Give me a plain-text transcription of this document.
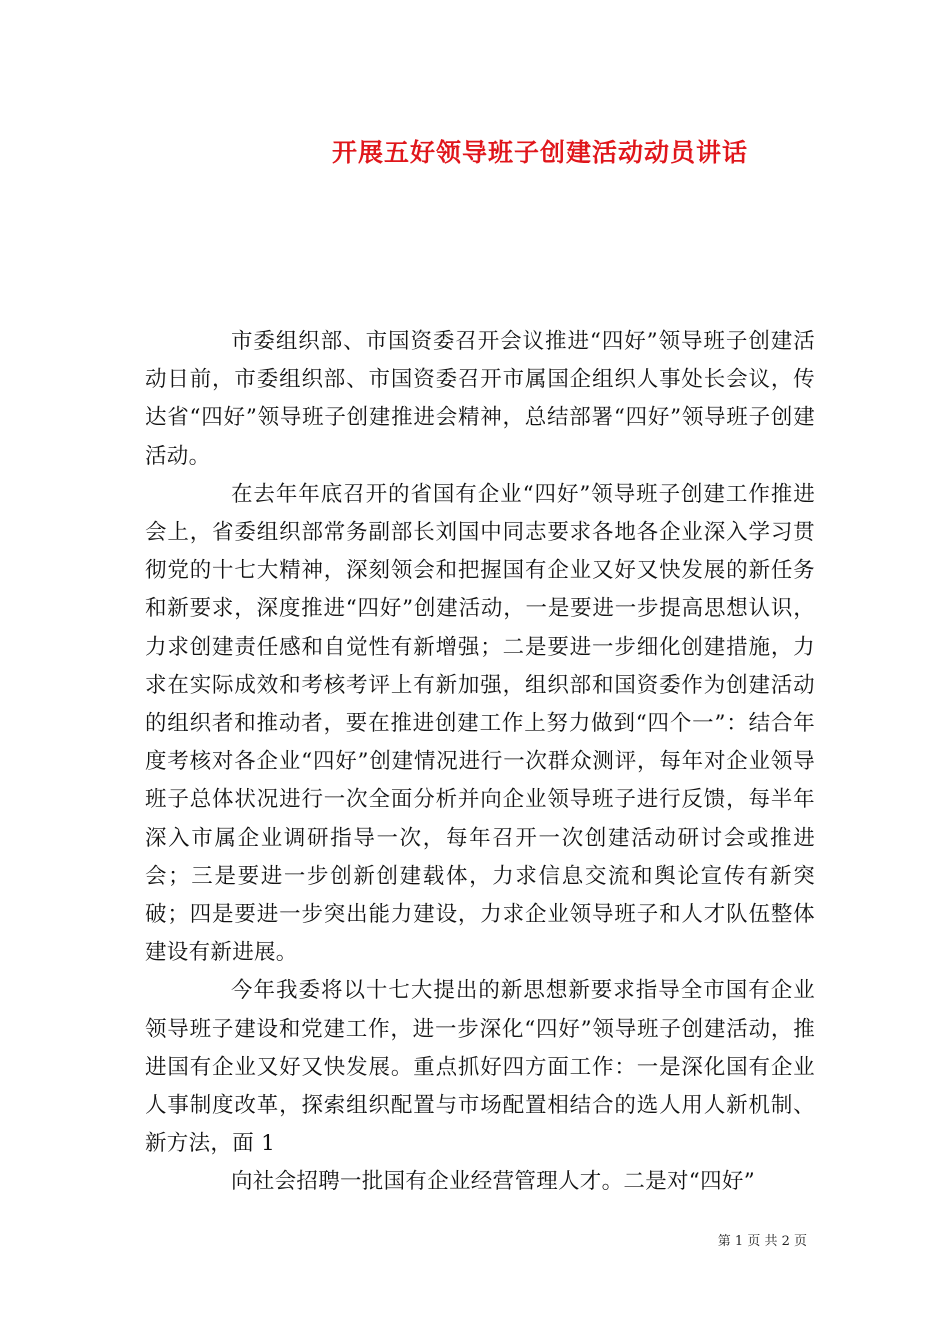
开展五好领导班子创建活动动员讲话

市委组织部、市国资委召开会议推进“四好”领导班子创建活动日前，市委组织部、市国资委召开市属国企组织人事处长会议，传达省“四好”领导班子创建推进会精神，总结部署“四好”领导班子创建活动。

在去年年底召开的省国有企业“四好”领导班子创建工作推进会上，省委组织部常务副部长刘国中同志要求各地各企业深入学习贯彻党的十七大精神，深刻领会和把握国有企业又好又快发展的新任务和新要求，深度推进“四好”创建活动，一是要进一步提高思想认识，力求创建责任感和自觉性有新增强；二是要进一步细化创建措施，力求在实际成效和考核考评上有新加强，组织部和国资委作为创建活动的组织者和推动者，要在推进创建工作上努力做到“四个一”：结合年度考核对各企业“四好”创建情况进行一次群众测评，每年对企业领导班子总体状况进行一次全面分析并向企业领导班子进行反馈，每半年深入市属企业调研指导一次，每年召开一次创建活动研讨会或推进会；三是要进一步创新创建载体，力求信息交流和舆论宣传有新突破；四是要进一步突出能力建设，力求企业领导班子和人才队伍整体建设有新进展。

今年我委将以十七大提出的新思想新要求指导全市国有企业领导班子建设和党建工作，进一步深化“四好”领导班子创建活动，推进国有企业又好又快发展。重点抓好四方面工作：一是深化国有企业人事制度改革，探索组织配置与市场配置相结合的选人用人新机制、新方法，面 1

向社会招聘一批国有企业经营管理人才。二是对“四好”

第 1 页 共 2 页
